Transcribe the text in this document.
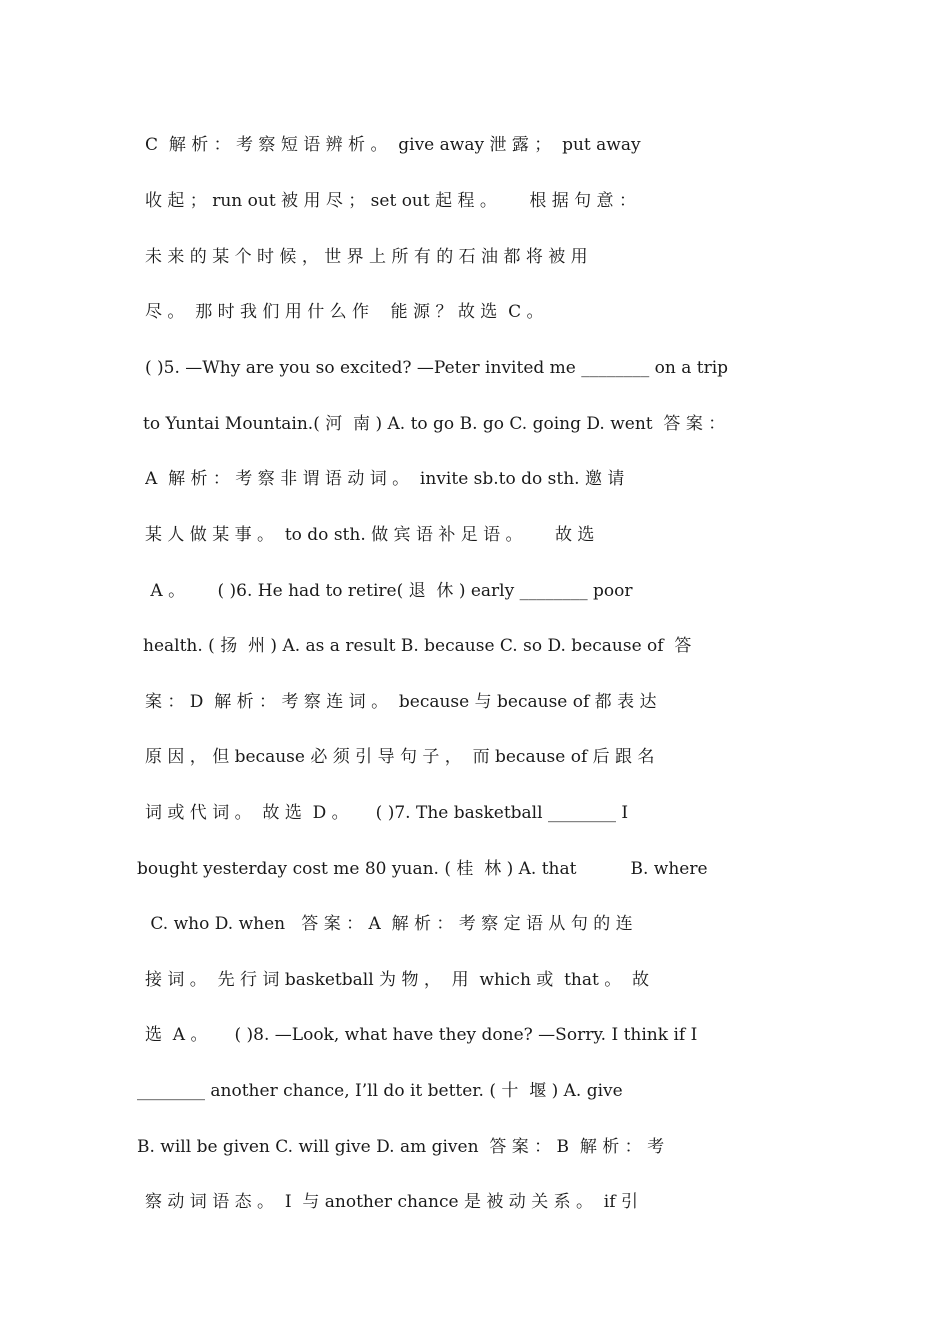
C  解 析 ： 考 察 短 语 辨 析 。  give away 泄 露 ；  put away
收 起 ； run out 被 用 尽 ； set out 起 程 。      根 据 句 意 ：
未 来 的 某 个 时 候 ， 世 界 上 所 有 的 石 油 都 将 被 用
尽 。  那 时 我 们 用 什 么 作    能 源 ？ 故 选  C 。
( )5. —Why are you so excited? —Peter invited me ________ on a trip
to Yuntai Mountain.( 河  南 ) A. to go B. go C. going D. went  答 案 ：
A  解 析 ： 考 察 非 谓 语 动 词 。  invite sb.to do sth. 邀 请
某 人 做 某 事 。  to do sth. 做 宾 语 补 足 语 。      故 选
A 。      ( )6. He had to retire( 退  休 ) early ________ poor
health. ( 扬  州 ) A. as a result B. because C. so D. because of  答
案 ： D  解 析 ： 考 察 连 词 。  because 与 because of 都 表 达
原 因 ， 但 because 必 须 引 导 句 子 ，  而 because of 后 跟 名
词 或 代 词 。  故 选  D 。     ( )7. The basketball ________ I
bought yesterday cost me 80 yuan. ( 桂  林 ) A. that          B. where
C. who D. when   答 案 ： A  解 析 ： 考 察 定 语 从 句 的 连
接 词 。  先 行 词 basketball 为 物 ，  用  which 或  that 。  故
选  A 。     ( )8. —Look, what have they done? —Sorry. I think if I
________ another chance, I’ll do it better. ( 十  堰 ) A. give
B. will be given C. will give D. am given  答 案 ： B  解 析 ： 考
察 动 词 语 态 。  I  与 another chance 是 被 动 关 系 。  if 引
